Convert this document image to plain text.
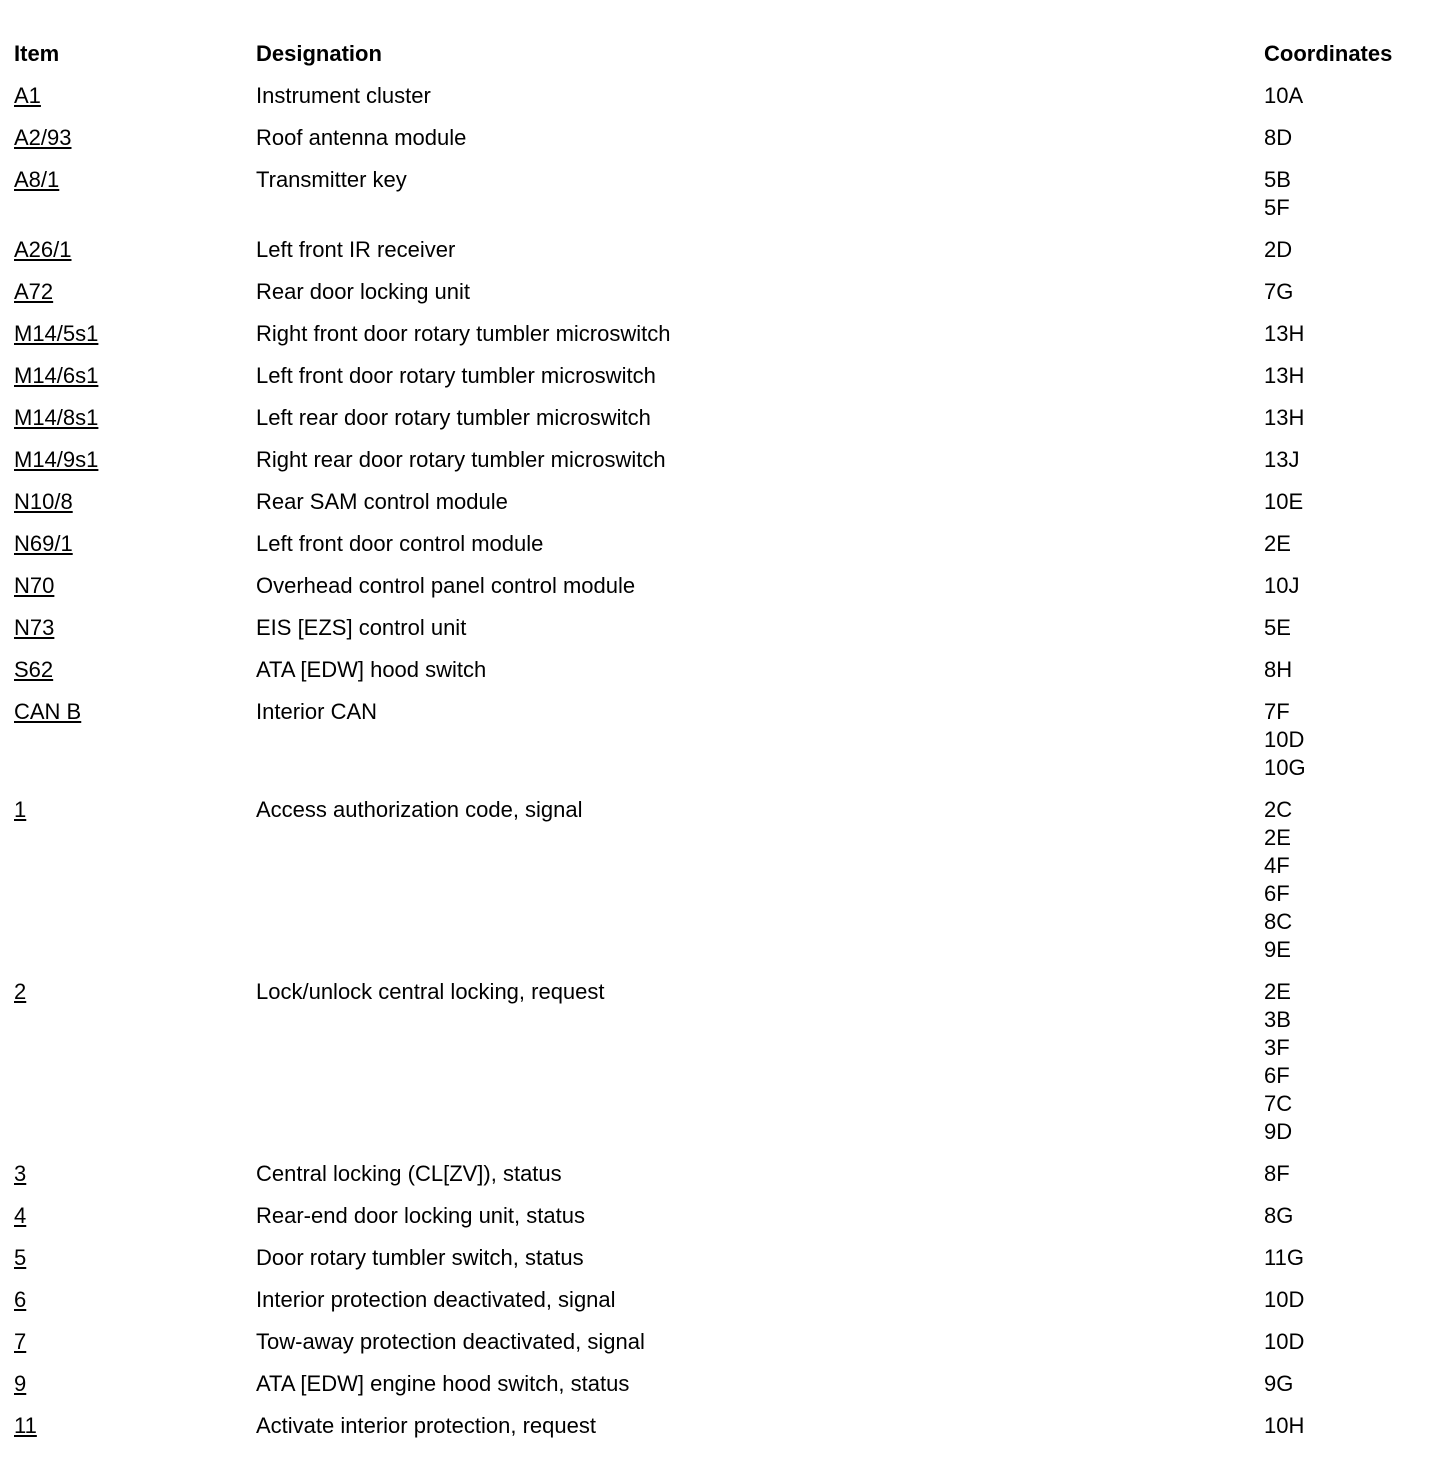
Item	Designation	Coordinates
A1	Instrument cluster	10A
A2/93	Roof antenna module	8D
A8/1	Transmitter key	5B
5F
A26/1	Left front IR receiver	2D
A72	Rear door locking unit	7G
M14/5s1	Right front door rotary tumbler microswitch	13H
M14/6s1	Left front door rotary tumbler microswitch	13H
M14/8s1	Left rear door rotary tumbler microswitch	13H
M14/9s1	Right rear door rotary tumbler microswitch	13J
N10/8	Rear SAM control module	10E
N69/1	Left front door control module	2E
N70	Overhead control panel control module	10J
N73	EIS [EZS] control unit	5E
S62	ATA [EDW] hood switch	8H
CAN B	Interior CAN	7F
10D
10G
1	Access authorization code, signal	2C
2E
4F
6F
8C
9E
2	Lock/unlock central locking, request	2E
3B
3F
6F
7C
9D
3	Central locking (CL[ZV]), status	8F
4	Rear-end door locking unit, status	8G
5	Door rotary tumbler switch, status	11G
6	Interior protection deactivated, signal	10D
7	Tow-away protection deactivated, signal	10D
9	ATA [EDW] engine hood switch, status	9G
11	Activate interior protection, request	10H
